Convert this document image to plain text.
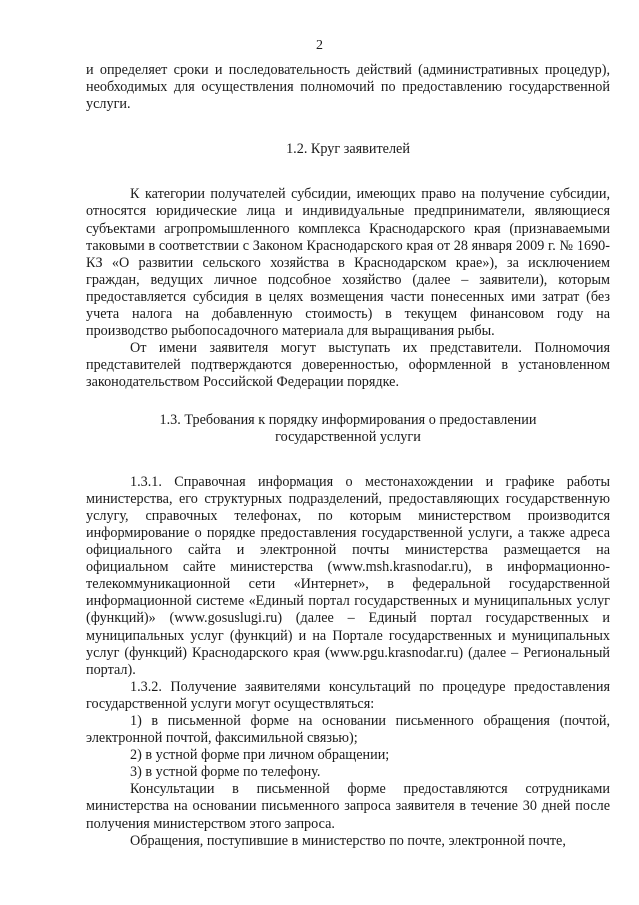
2

и определяет сроки и последовательность действий (административных процедур), необходимых для осуществления полномочий по предоставлению государственной услуги.

1.2. Круг заявителей

К категории получателей субсидии, имеющих право на получение субсидии, относятся юридические лица и индивидуальные предприниматели, являющиеся субъектами агропромышленного комплекса Краснодарского края (признаваемыми таковыми в соответствии с Законом Краснодарского края от 28 января 2009 г. № 1690-КЗ «О развитии сельского хозяйства в Краснодарском крае»), за исключением граждан, ведущих личное подсобное хозяйство (далее – заявители), которым предоставляется субсидия в целях возмещения части понесенных ими затрат (без учета налога на добавленную стоимость) в текущем финансовом году на производство рыбопосадочного материала для выращивания рыбы.

От имени заявителя могут выступать их представители. Полномочия представителей подтверждаются доверенностью, оформленной в установленном законодательством Российской Федерации порядке.

1.3. Требования к порядку информирования о предоставлении

государственной услуги

1.3.1. Справочная информация о местонахождении и графике работы министерства, его структурных подразделений, предоставляющих государственную услугу, справочных телефонах, по которым министерством производится информирование о порядке предоставления государственной услуги, а также адреса официального сайта и электронной почты министерства размещается на официальном сайте министерства (www.msh.krasnodar.ru), в информационно-телекоммуникационной сети «Интернет», в федеральной государственной информационной системе «Единый портал государственных и муниципальных услуг (функций)» (www.gosuslugi.ru) (далее – Единый портал государственных и муниципальных услуг (функций) и на Портале государственных и муниципальных услуг (функций) Краснодарского края (www.pgu.krasnodar.ru) (далее – Региональный портал).

1.3.2. Получение заявителями консультаций по процедуре предоставления государственной услуги могут осуществляться:

1) в письменной форме на основании письменного обращения (почтой, электронной почтой, факсимильной связью);

2) в устной форме при личном обращении;

3) в устной форме по телефону.

Консультации в письменной форме предоставляются сотрудниками министерства на основании письменного запроса заявителя в течение 30 дней после получения министерством этого запроса.

Обращения, поступившие в министерство по почте, электронной почте,
